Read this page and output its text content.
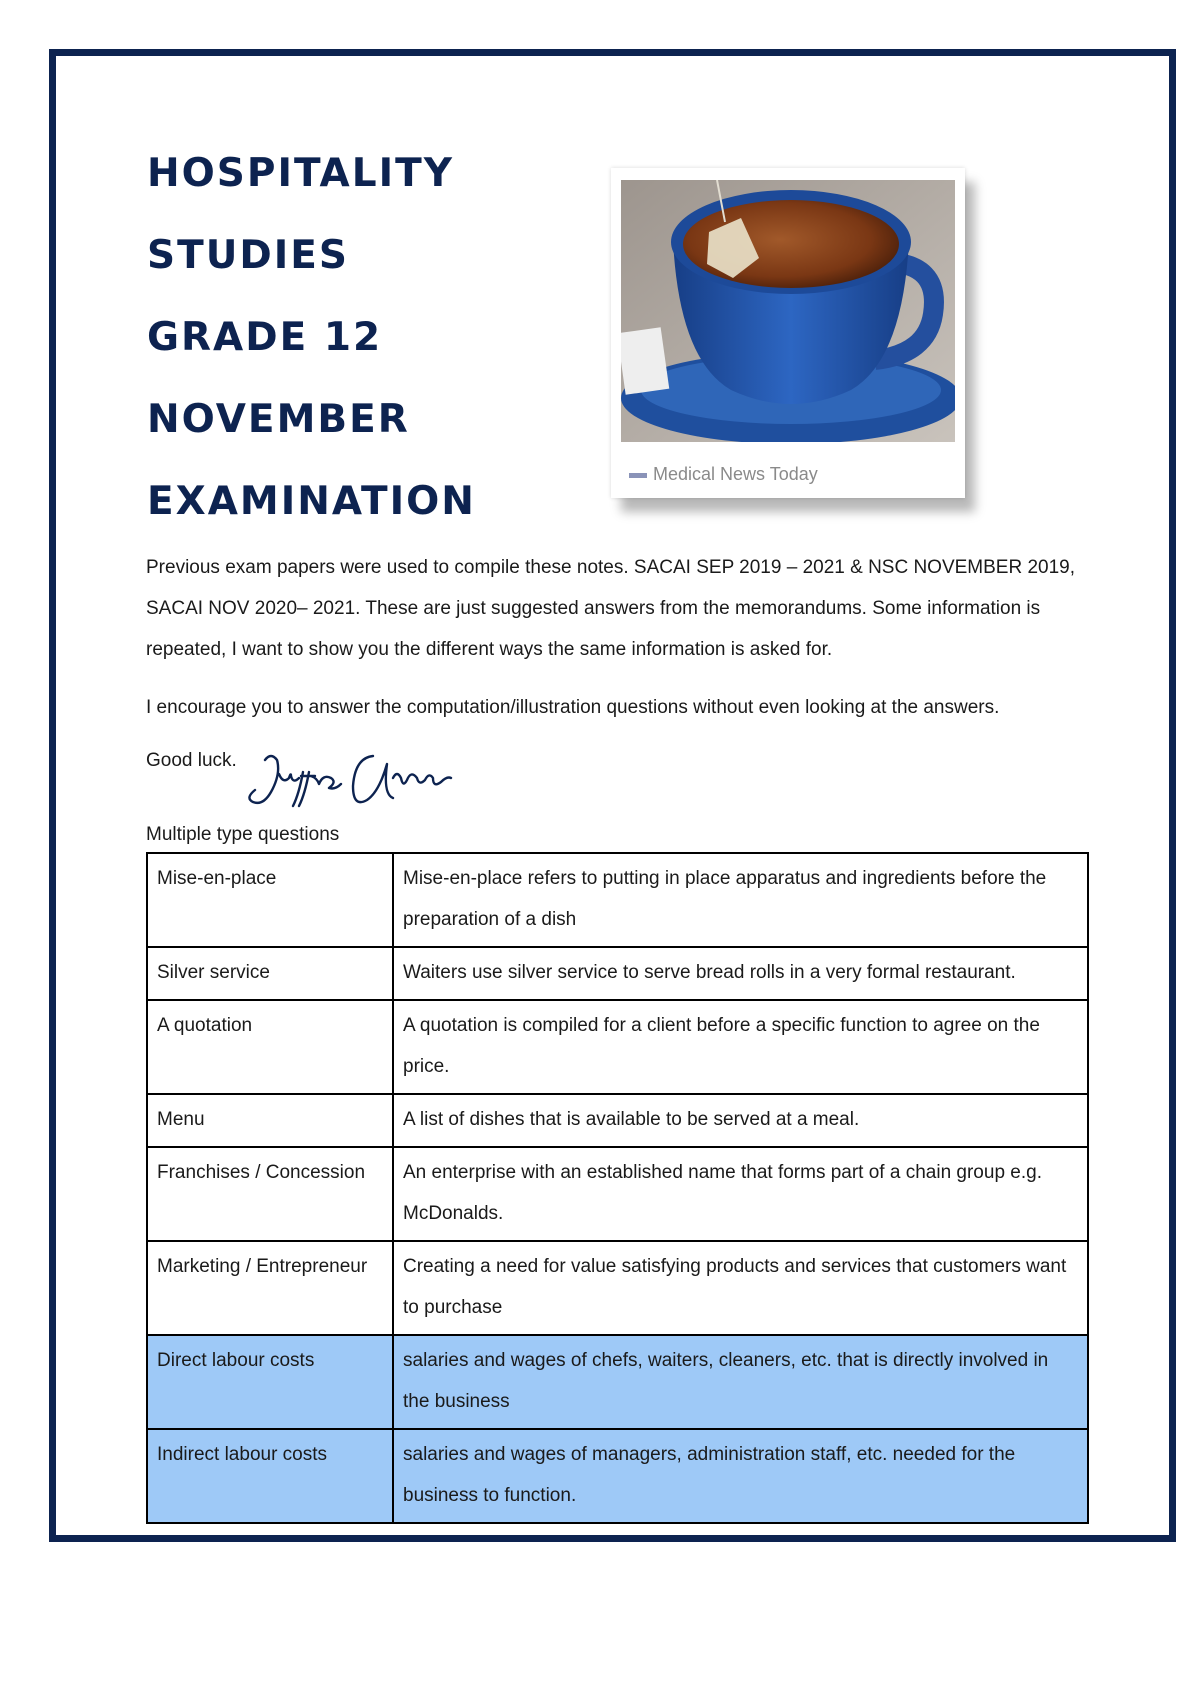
HOSPITALITY
STUDIES
GRADE 12
NOVEMBER
EXAMINATION
Medical News Today

Previous exam papers were used to compile these notes. SACAI SEP 2019 – 2021 & NSC NOVEMBER 2019, SACAI NOV 2020– 2021. These are just suggested answers from the memorandums. Some information is repeated, I want to show you the different ways the same information is asked for.

I encourage you to answer the computation/illustration questions without even looking at the answers.

Good luck.
Multiple type questions
Mise-en-place	Mise-en-place refers to putting in place apparatus and ingredients before the preparation of a dish
Silver service	Waiters use silver service to serve bread rolls in a very formal restaurant.
A quotation	A quotation is compiled for a client before a specific function to agree on the price.
Menu	A list of dishes that is available to be served at a meal.
Franchises / Concession	An enterprise with an established name that forms part of a chain group e.g. McDonalds.
Marketing / Entrepreneur	Creating a need for value satisfying products and services that customers want to purchase
Direct labour costs	salaries and wages of chefs, waiters, cleaners, etc. that is directly involved in the business
Indirect labour costs	salaries and wages of managers, administration staff, etc. needed for the business to function.
